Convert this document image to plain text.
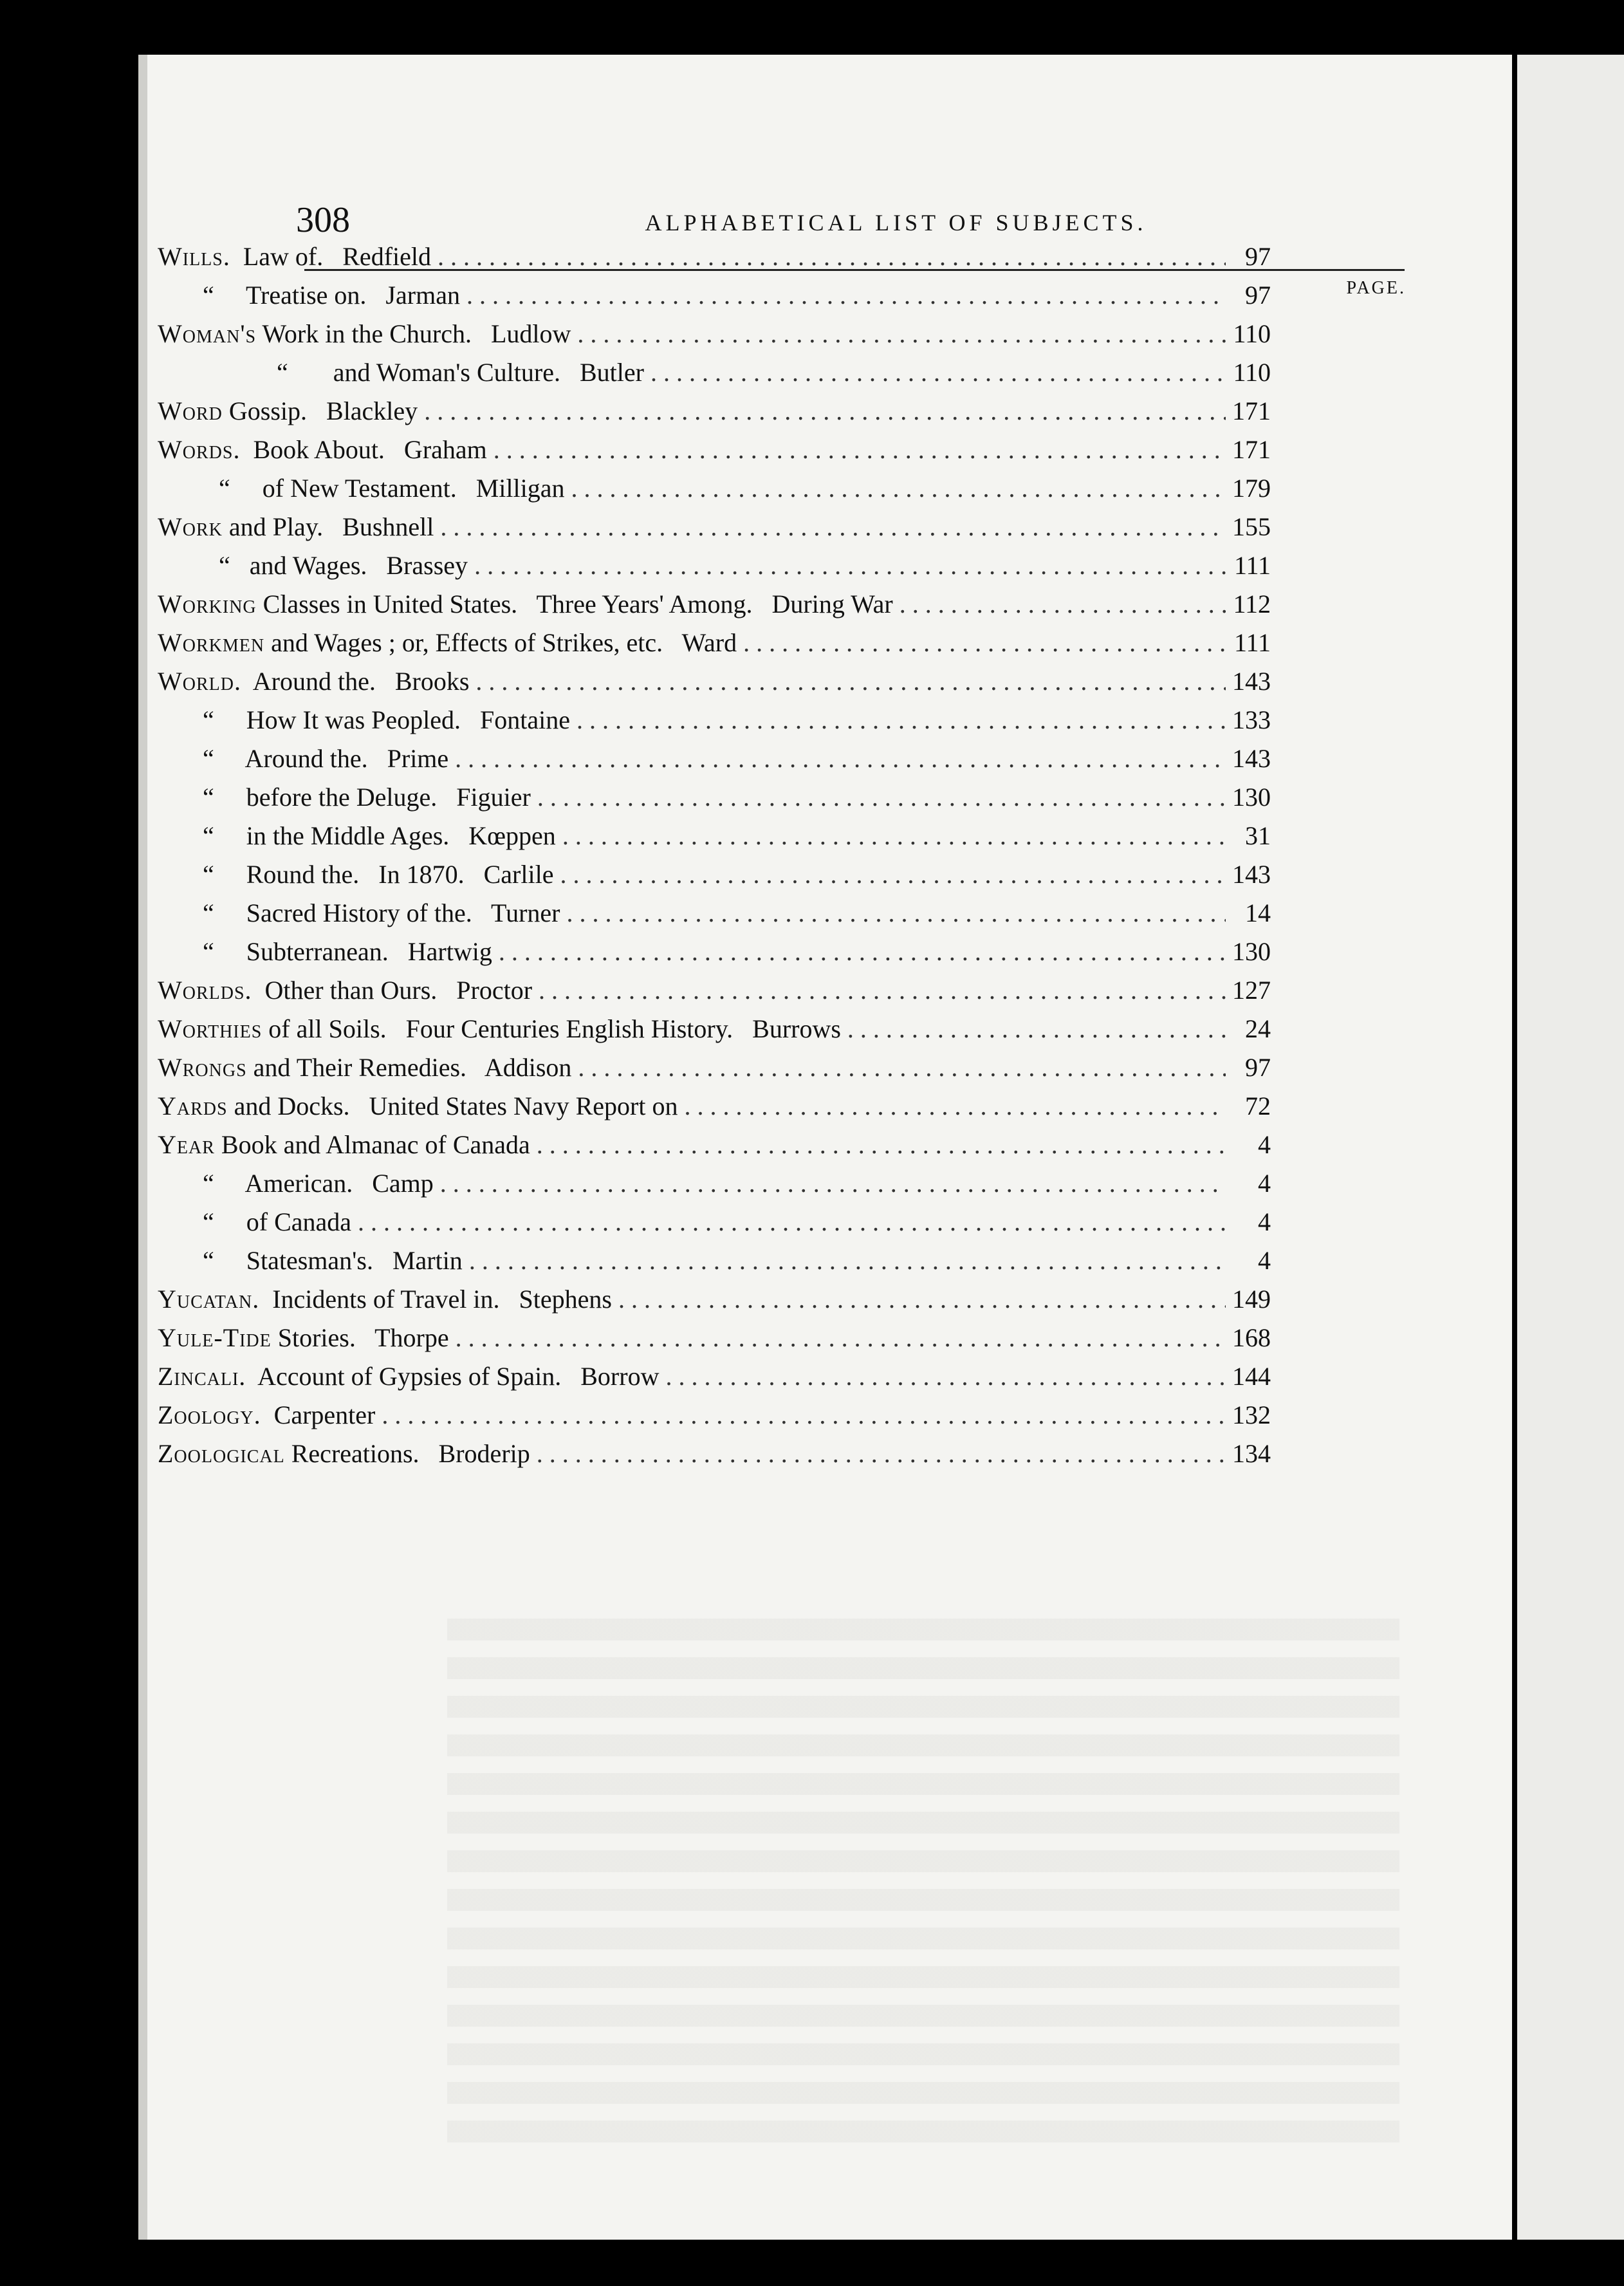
308	ALPHABETICAL LIST OF SUBJECTS.
PAGE.
Wills.  Law of.   Redfield . . .	97
“     Treatise on.   Jarman . . .	97
Woman's Work in the Church.   Ludlow . . .	110
“       and Woman's Culture.   Butler . . .	110
Word Gossip.   Blackley . . .	171
Words.  Book About.   Graham . . .	171
“     of New Testament.   Milligan . . .	179
Work and Play.   Bushnell . . .	155
“   and Wages.   Brassey . . .	111
Working Classes in United States.   Three Years' Among.   During War . . .	112
Workmen and Wages ; or, Effects of Strikes, etc.   Ward . . .	111
World.  Around the.   Brooks . . .	143
“     How It was Peopled.   Fontaine . . .	133
“     Around the.   Prime . . .	143
“     before the Deluge.   Figuier . . .	130
“     in the Middle Ages.   Kœppen . . .	31
“     Round the.   In 1870.   Carlile . . .	143
“     Sacred History of the.   Turner . . .	14
“     Subterranean.   Hartwig . . .	130
Worlds.  Other than Ours.   Proctor . . .	127
Worthies of all Soils.   Four Centuries English History.   Burrows . . .	24
Wrongs and Their Remedies.   Addison . . .	97
Yards and Docks.   United States Navy Report on . . .	72
Year Book and Almanac of Canada . . .	4
“     American.   Camp . . .	4
“     of Canada . . .	4
“     Statesman's.   Martin . . .	4
Yucatan.  Incidents of Travel in.   Stephens . . .	149
Yule-Tide Stories.   Thorpe . . .	168
Zincali.  Account of Gypsies of Spain.   Borrow . . .	144
Zoology.  Carpenter . . .	132
Zoological Recreations.   Broderip . . .	134
